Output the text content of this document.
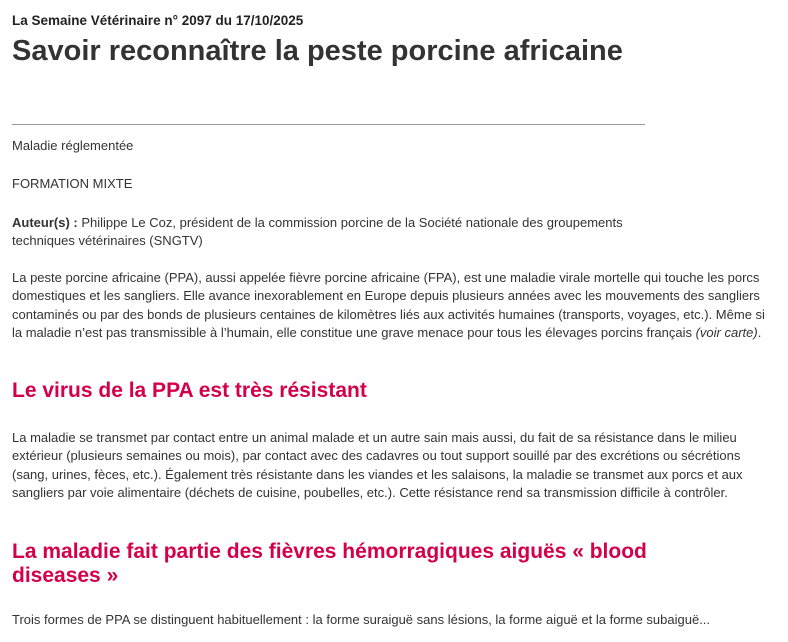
La Semaine Vétérinaire n° 2097 du 17/10/2025
Savoir reconnaître la peste porcine africaine
Maladie réglementée
FORMATION MIXTE
Auteur(s) : Philippe Le Coz, président de la commission porcine de la Société nationale des groupements techniques vétérinaires (SNGTV)

La peste porcine africaine (PPA), aussi appelée fièvre porcine africaine (FPA), est une maladie virale mortelle qui touche les porcs domestiques et les sangliers. Elle avance inexorablement en Europe depuis plusieurs années avec les mouvements des sangliers contaminés ou par des bonds de plusieurs centaines de kilomètres liés aux activités humaines (transports, voyages, etc.). Même si la maladie n’est pas transmissible à l’humain, elle constitue une grave menace pour tous les élevages porcins français (voir carte).

Le virus de la PPA est très résistant

La maladie se transmet par contact entre un animal malade et un autre sain mais aussi, du fait de sa résistance dans le milieu extérieur (plusieurs semaines ou mois), par contact avec des cadavres ou tout support souillé par des excrétions ou sécrétions (sang, urines, fèces, etc.). Également très résistante dans les viandes et les salaisons, la maladie se transmet aux porcs et aux sangliers par voie alimentaire (déchets de cuisine, poubelles, etc.). Cette résistance rend sa transmission difficile à contrôler.

La maladie fait partie des fièvres hémorragiques aiguës « blood diseases »

Trois formes de PPA se distinguent habituellement : la forme suraiguë sans lésions, la forme aiguë et la forme subaiguë...
